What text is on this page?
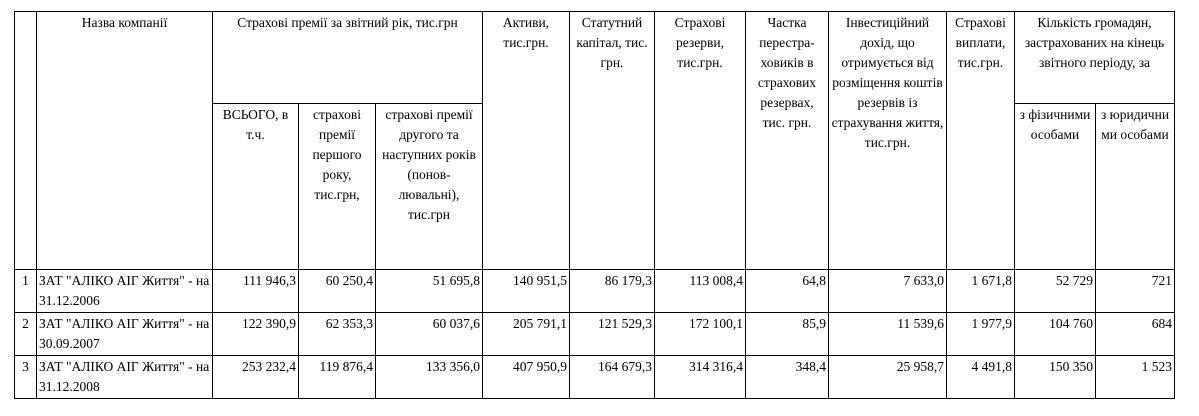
	Назва компанії	Страхові премії за звітний рік, тис.грн			Активи, тис.грн.	Статутний капітал, тис. грн.	Страхові резерви, тис.грн.	Частка перестра-ховиків в страхових резервах, тис. грн.	Інвестиційний дохід, що отримується від розміщення коштів резервів із страхування життя, тис.грн.	Страхові виплати, тис.грн.	Кількість громадян, застрахованих на кінець звітного періоду, за	
		ВСЬОГО, в т.ч.	страхові премії першого року, тис.грн,	страхові премії другого та наступних років (понов-лювальні), тис.грн							з фізичними особами	з юридични ми особами
1	ЗАТ "АЛІКО АІГ Життя" - на 31.12.2006	111 946,3	60 250,4	51 695,8	140 951,5	86 179,3	113 008,4	64,8	7 633,0	1 671,8	52 729	721
2	ЗАТ "АЛІКО АІГ Життя" - на 30.09.2007	122 390,9	62 353,3	60 037,6	205 791,1	121 529,3	172 100,1	85,9	11 539,6	1 977,9	104 760	684
3	ЗАТ "АЛІКО АІГ Життя" - на 31.12.2008	253 232,4	119 876,4	133 356,0	407 950,9	164 679,3	314 316,4	348,4	25 958,7	4 491,8	150 350	1 523
